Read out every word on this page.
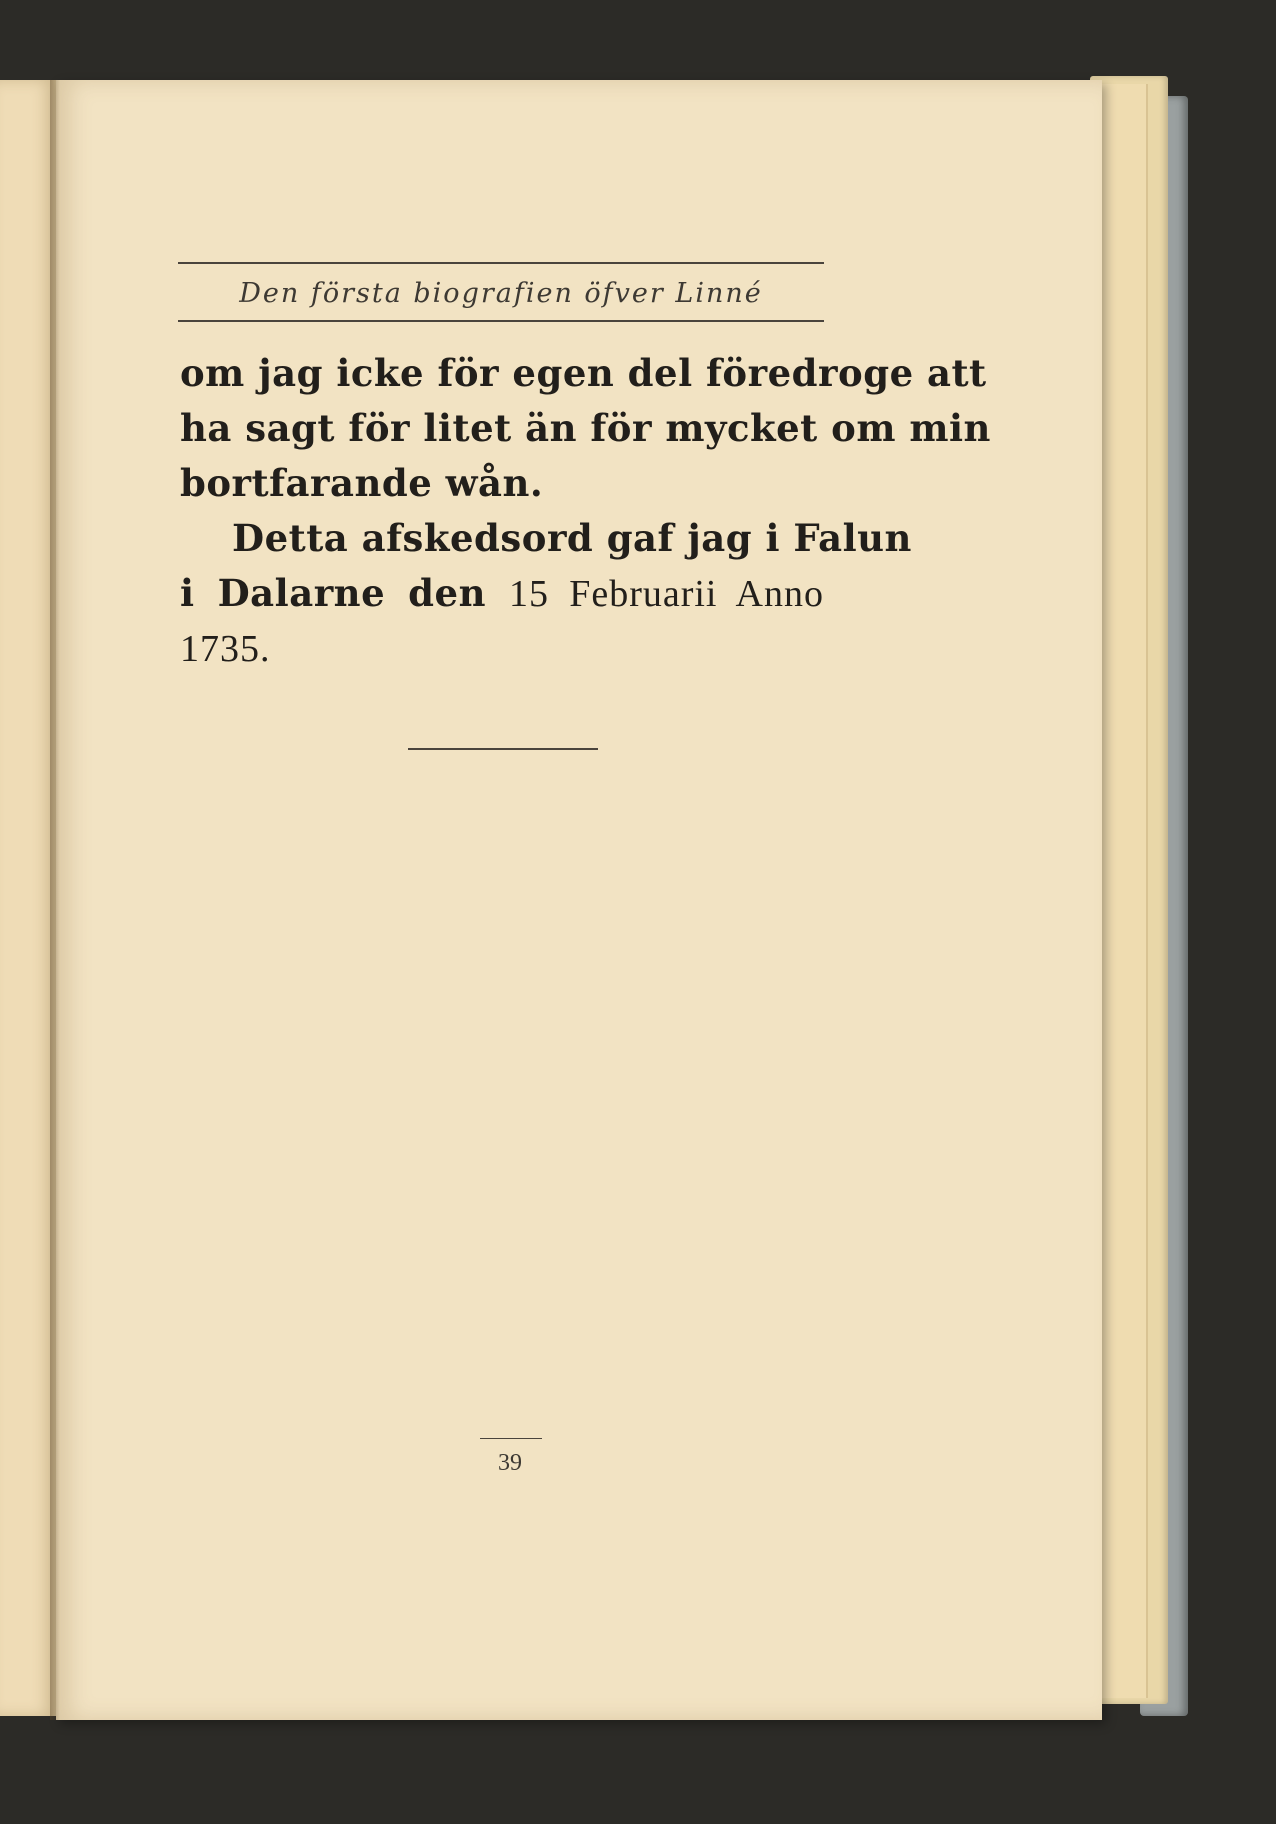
Den första biografien öfver Linné
om jag icke för egen del föredroge att
ha sagt för litet än för mycket om min
bortfarande wån.
Detta afskedsord gaf jag i Falun
i Dalarne den 15 Februarii Anno
1735.
39
